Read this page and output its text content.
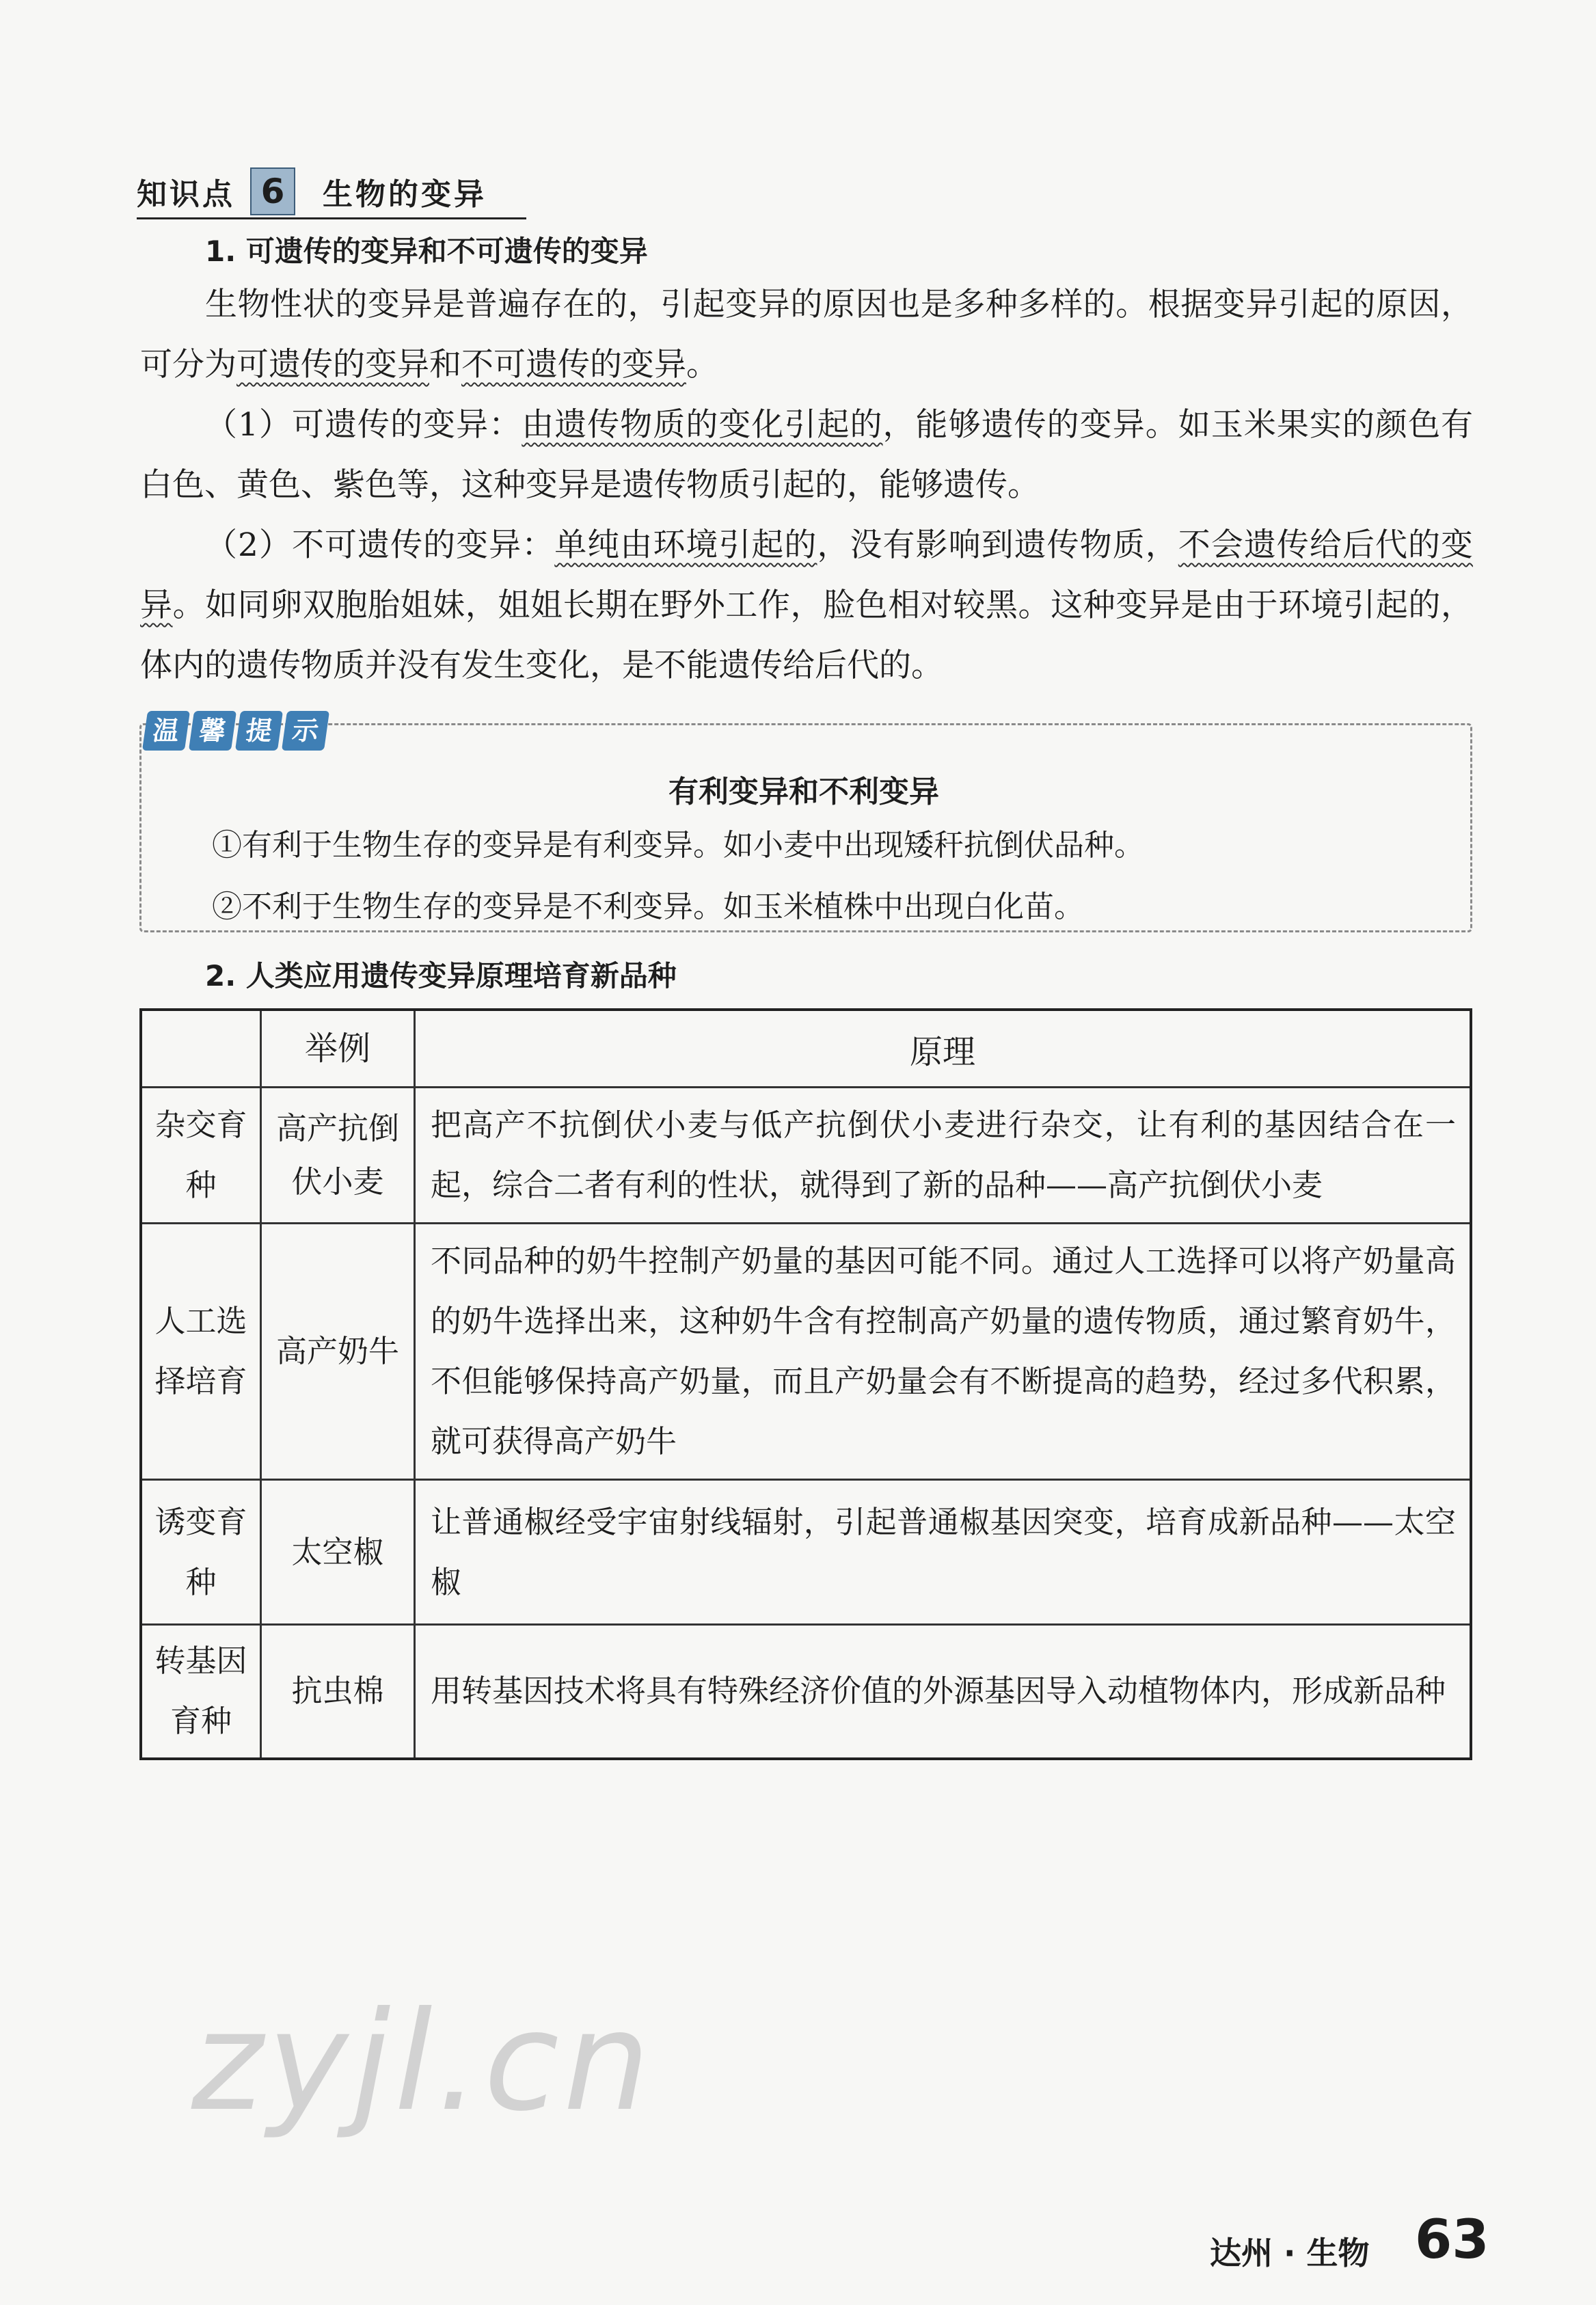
知识点 6	生物的变异
1. 可遗传的变异和不可遗传的变异

生物性状的变异是普遍存在的，引起变异的原因也是多种多样的。根据变异引起的原因，可分为可遗传的变异和不可遗传的变异。

（1）可遗传的变异：由遗传物质的变化引起的，能够遗传的变异。如玉米果实的颜色有白色、黄色、紫色等，这种变异是遗传物质引起的，能够遗传。

（2）不可遗传的变异：单纯由环境引起的，没有影响到遗传物质，不会遗传给后代的变异。如同卵双胞胎姐妹，姐姐长期在野外工作，脸色相对较黑。这种变异是由于环境引起的，体内的遗传物质并没有发生变化，是不能遗传给后代的。

温 馨 提 示
有利变异和不利变异
①有利于生物生存的变异是有利变异。如小麦中出现矮秆抗倒伏品种。
②不利于生物生存的变异是不利变异。如玉米植株中出现白化苗。
2. 人类应用遗传变异原理培育新品种
	举例	原理
杂交育种	高产抗倒伏小麦	把高产不抗倒伏小麦与低产抗倒伏小麦进行杂交，让有利的基因结合在一起，综合二者有利的性状，就得到了新的品种——高产抗倒伏小麦
人工选择培育	高产奶牛	不同品种的奶牛控制产奶量的基因可能不同。通过人工选择可以将产奶量高的奶牛选择出来，这种奶牛含有控制高产奶量的遗传物质，通过繁育奶牛，不但能够保持高产奶量，而且产奶量会有不断提高的趋势，经过多代积累，就可获得高产奶牛
诱变育种	太空椒	让普通椒经受宇宙射线辐射，引起普通椒基因突变，培育成新品种——太空椒
转基因育种	抗虫棉	用转基因技术将具有特殊经济价值的外源基因导入动植物体内，形成新品种
zyjl.cn
达州 · 生物 63
